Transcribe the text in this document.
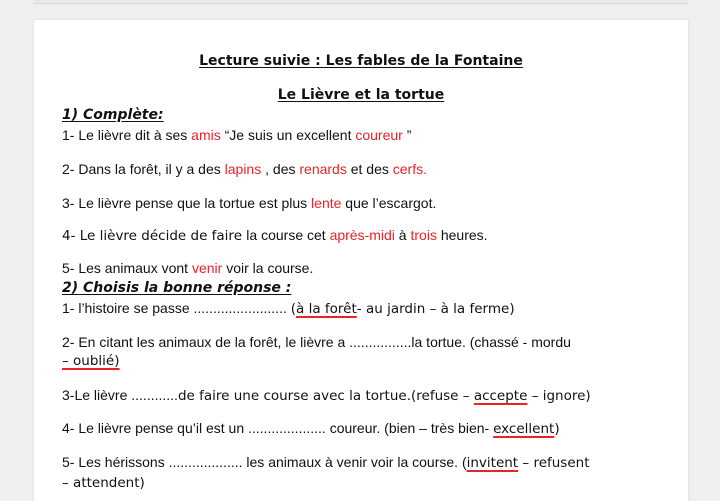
Lecture suivie : Les fables de la Fontaine
Le Lièvre et la tortue
1) Complète:
1- Le lièvre dit à ses amis “Je suis un excellent coureur ”
2- Dans la forêt, il y a des lapins , des renards et des cerfs.
3- Le lièvre pense que la tortue est plus lente que l’escargot.
4- Le lièvre décide de faire la course cet après-midi à trois heures.
5- Les animaux vont venir voir la course.
2) Choisis la bonne réponse :
1- l’histoire se passe ........................ (à la forêt- au jardin – à la ferme)
2- En citant les animaux de la forêt, le lièvre a ................la tortue. (chassé - mordu
– oublié)
3-Le lièvre ............de faire une course avec la tortue.(refuse – accepte – ignore)
4- Le lièvre pense qu’il est un .................... coureur. (bien – très bien- excellent)
5- Les hérissons ................... les animaux à venir voir la course. (invitent – refusent
– attendent)
